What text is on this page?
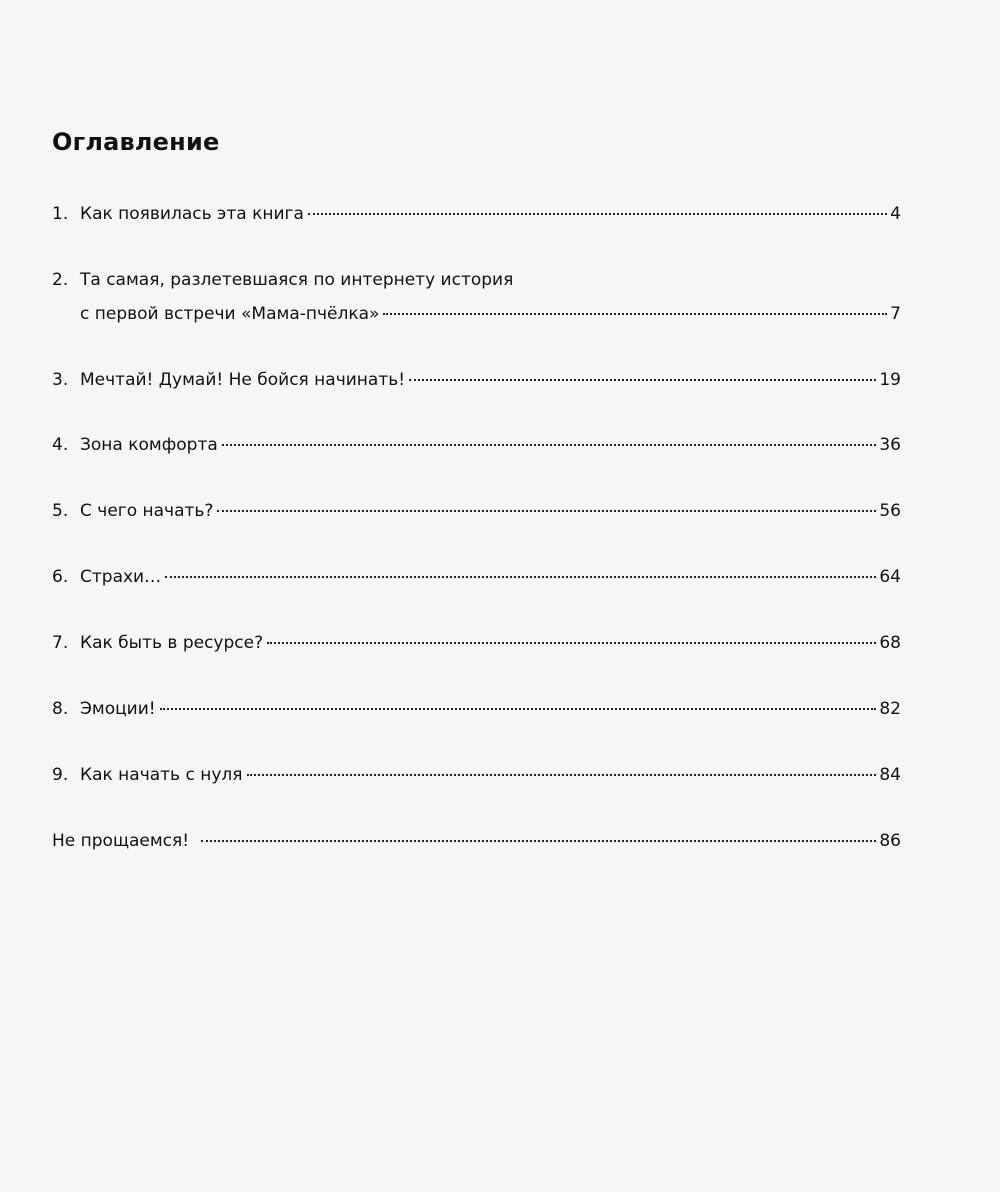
Оглавление
1. Как появилась эта книга	4
2. Та самая, разлетевшаяся по интернету история
с первой встречи «Мама-пчёлка»	7
3. Мечтай! Думай! Не бойся начинать!	19
4. Зона комфорта	36
5. С чего начать?	56
6. Страхи…	64
7. Как быть в ресурсе?	68
8. Эмоции!	82
9. Как начать с нуля	84
Не прощаемся!	86
